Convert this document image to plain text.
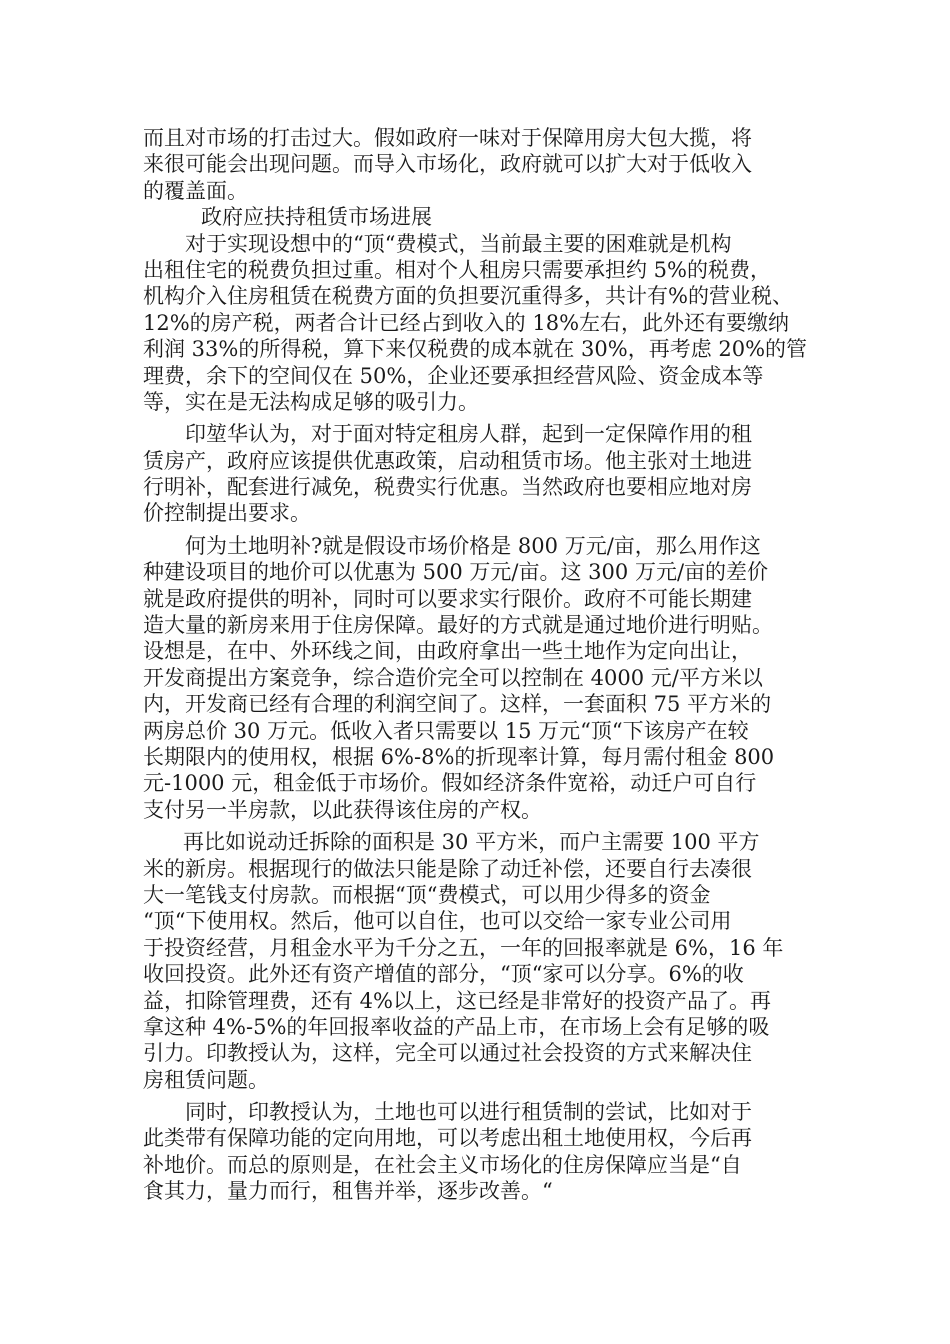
而且对市场的打击过大。假如政府一味对于保障用房大包大揽，将
来很可能会出现问题。而导入市场化，政府就可以扩大对于低收入
的覆盖面。
政府应扶持租赁市场进展
对于实现设想中的“顶“费模式，当前最主要的困难就是机构
出租住宅的税费负担过重。相对个人租房只需要承担约 5%的税费，
机构介入住房租赁在税费方面的负担要沉重得多，共计有%的营业税、
12%的房产税，两者合计已经占到收入的 18%左右，此外还有要缴纳
利润 33%的所得税，算下来仅税费的成本就在 30%，再考虑 20%的管
理费，余下的空间仅在 50%，企业还要承担经营风险、资金成本等
等，实在是无法构成足够的吸引力。
印堃华认为，对于面对特定租房人群，起到一定保障作用的租
赁房产，政府应该提供优惠政策，启动租赁市场。他主张对土地进
行明补，配套进行减免，税费实行优惠。当然政府也要相应地对房
价控制提出要求。
何为土地明补?就是假设市场价格是 800 万元/亩，那么用作这
种建设项目的地价可以优惠为 500 万元/亩。这 300 万元/亩的差价
就是政府提供的明补，同时可以要求实行限价。政府不可能长期建
造大量的新房来用于住房保障。最好的方式就是通过地价进行明贴。
设想是，在中、外环线之间，由政府拿出一些土地作为定向出让，
开发商提出方案竞争，综合造价完全可以控制在 4000 元/平方米以
内，开发商已经有合理的利润空间了。这样，一套面积 75 平方米的
两房总价 30 万元。低收入者只需要以 15 万元“顶“下该房产在较
长期限内的使用权，根据 6%-8%的折现率计算，每月需付租金 800
元-1000 元，租金低于市场价。假如经济条件宽裕，动迁户可自行
支付另一半房款，以此获得该住房的产权。
再比如说动迁拆除的面积是 30 平方米，而户主需要 100 平方
米的新房。根据现行的做法只能是除了动迁补偿，还要自行去凑很
大一笔钱支付房款。而根据“顶“费模式，可以用少得多的资金
“顶“下使用权。然后，他可以自住，也可以交给一家专业公司用
于投资经营，月租金水平为千分之五，一年的回报率就是 6%，16 年
收回投资。此外还有资产增值的部分，“顶“家可以分享。6%的收
益，扣除管理费，还有 4%以上，这已经是非常好的投资产品了。再
拿这种 4%-5%的年回报率收益的产品上市，在市场上会有足够的吸
引力。印教授认为，这样，完全可以通过社会投资的方式来解决住
房租赁问题。
同时，印教授认为，土地也可以进行租赁制的尝试，比如对于
此类带有保障功能的定向用地，可以考虑出租土地使用权，今后再
补地价。而总的原则是，在社会主义市场化的住房保障应当是“自
食其力，量力而行，租售并举，逐步改善。“
